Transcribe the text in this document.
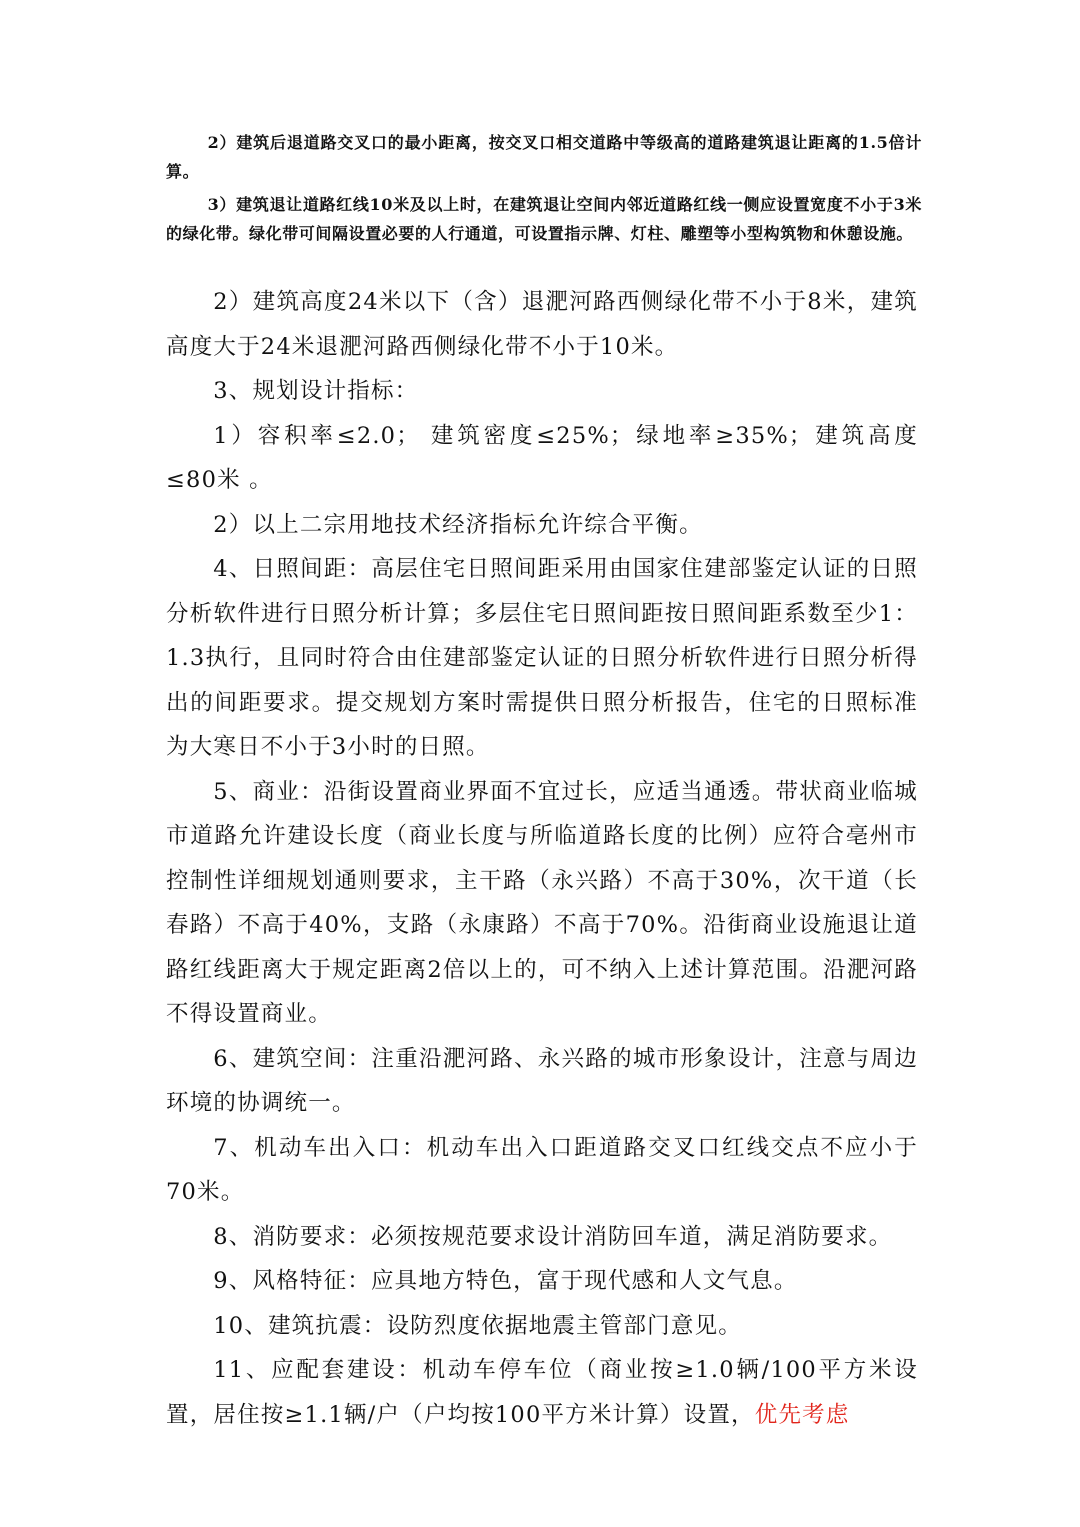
2）建筑后退道路交叉口的最小距离，按交叉口相交道路中等级高的道路建筑退让距离的1.5倍计算。

3）建筑退让道路红线10米及以上时，在建筑退让空间内邻近道路红线一侧应设置宽度不小于3米的绿化带。绿化带可间隔设置必要的人行通道，可设置指示牌、灯柱、雕塑等小型构筑物和休憩设施。

2）建筑高度24米以下（含）退淝河路西侧绿化带不小于8米，建筑高度大于24米退淝河路西侧绿化带不小于10米。

3、规划设计指标：

1）容积率≤2.0； 建筑密度≤25%；绿地率≥35%；建筑高度≤80米 。

2）以上二宗用地技术经济指标允许综合平衡。

4、日照间距：高层住宅日照间距采用由国家住建部鉴定认证的日照分析软件进行日照分析计算；多层住宅日照间距按日照间距系数至少1：1.3执行，且同时符合由住建部鉴定认证的日照分析软件进行日照分析得出的间距要求。提交规划方案时需提供日照分析报告，住宅的日照标准为大寒日不小于3小时的日照。

5、商业：沿街设置商业界面不宜过长，应适当通透。带状商业临城市道路允许建设长度（商业长度与所临道路长度的比例）应符合亳州市控制性详细规划通则要求，主干路（永兴路）不高于30%，次干道（长春路）不高于40%，支路（永康路）不高于70%。沿街商业设施退让道路红线距离大于规定距离2倍以上的，可不纳入上述计算范围。沿淝河路不得设置商业。

6、建筑空间：注重沿淝河路、永兴路的城市形象设计，注意与周边环境的协调统一。

7、机动车出入口：机动车出入口距道路交叉口红线交点不应小于70米。

8、消防要求：必须按规范要求设计消防回车道，满足消防要求。

9、风格特征：应具地方特色，富于现代感和人文气息。

10、建筑抗震：设防烈度依据地震主管部门意见。

11、应配套建设：机动车停车位（商业按≥1.0辆/100平方米设置，居住按≥1.1辆/户（户均按100平方米计算）设置，优先考虑
